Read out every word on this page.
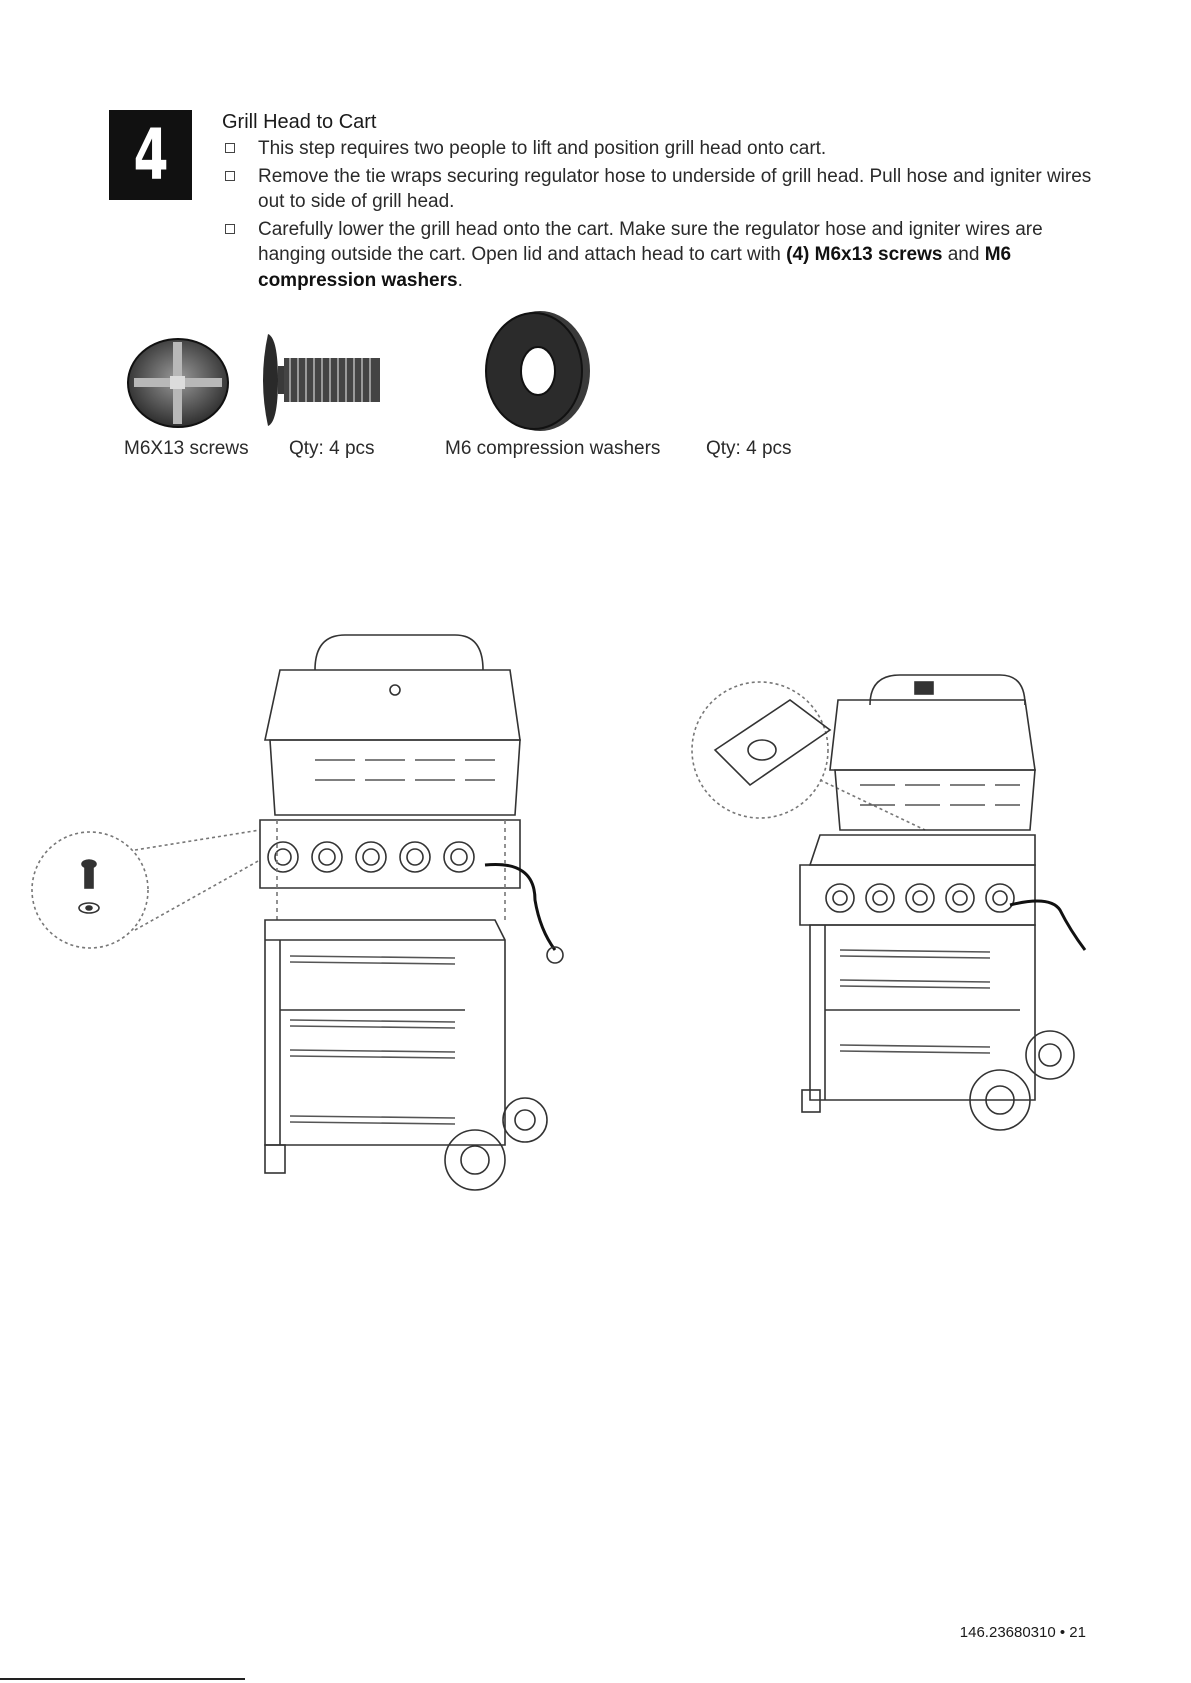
4	Grill Head to Cart
This step requires two people to lift and position grill head onto cart.
Remove the tie wraps securing regulator hose to underside of grill head. Pull hose and igniter wires out to side of grill head.
Carefully lower the grill head onto the cart. Make sure the regulator hose and igniter wires are hanging outside the cart. Open lid and attach head to cart with (4) M6x13 screws and M6 compression washers.
M6X13 screws Qty: 4 pcs	M6 compression washers Qty: 4 pcs
146.23680310 • 21
